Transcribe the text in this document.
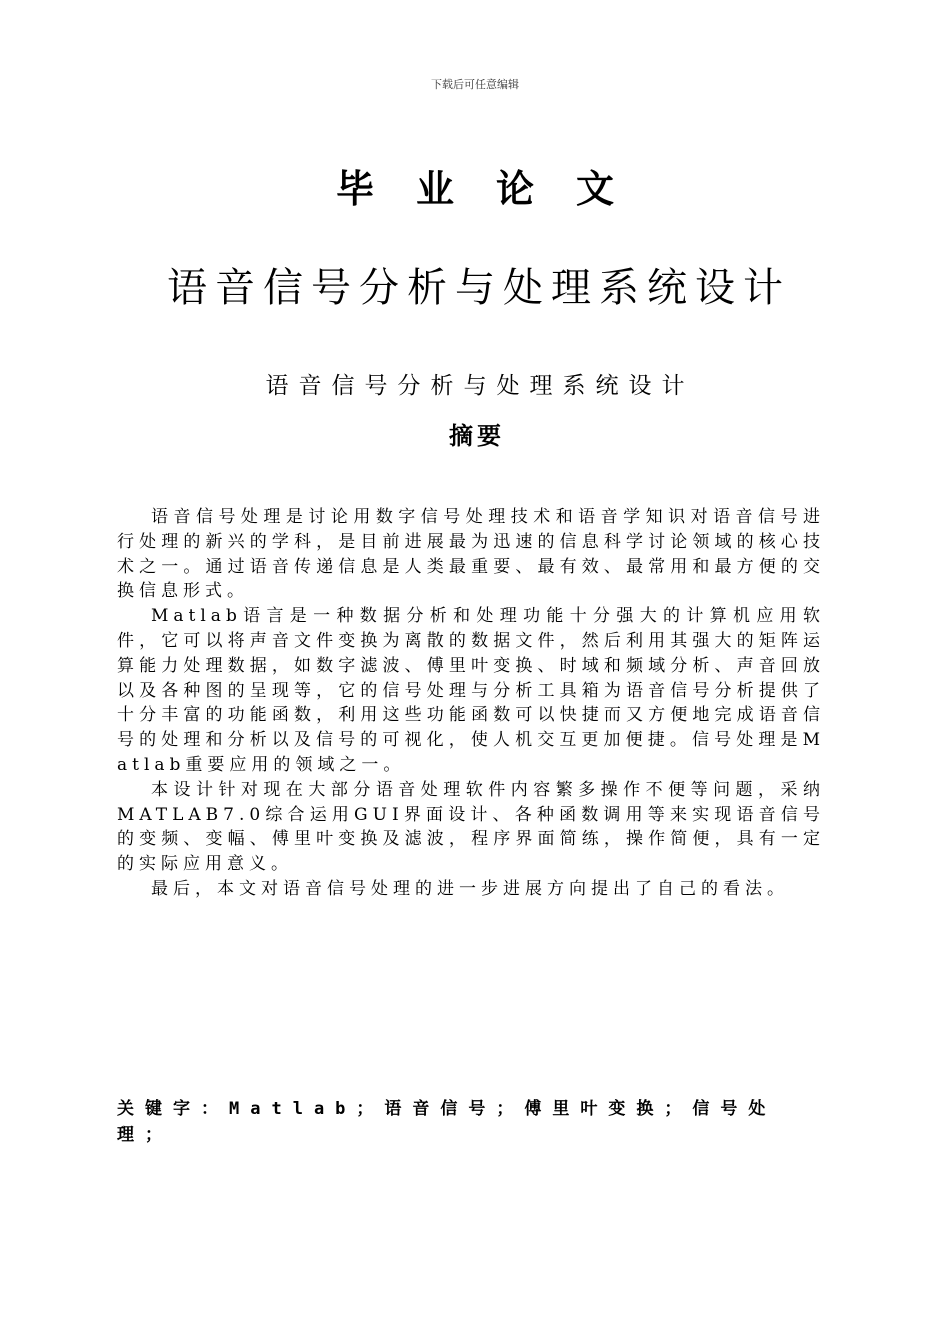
下载后可任意编辑
毕业论文
语音信号分析与处理系统设计
语音信号分析与处理系统设计
摘要

语音信号处理是讨论用数字信号处理技术和语音学知识对语音信号进行处理的新兴的学科，是目前进展最为迅速的信息科学讨论领域的核心技术之一。通过语音传递信息是人类最重要、最有效、最常用和最方便的交换信息形式。

Matlab语言是一种数据分析和处理功能十分强大的计算机应用软件，它可以将声音文件变换为离散的数据文件，然后利用其强大的矩阵运算能力处理数据，如数字滤波、傅里叶变换、时域和频域分析、声音回放以及各种图的呈现等，它的信号处理与分析工具箱为语音信号分析提供了十分丰富的功能函数，利用这些功能函数可以快捷而又方便地完成语音信号的处理和分析以及信号的可视化，使人机交互更加便捷。信号处理是Matlab重要应用的领域之一。

本设计针对现在大部分语音处理软件内容繁多操作不便等问题，采纳MATLAB7.0综合运用GUI界面设计、各种函数调用等来实现语音信号的变频、变幅、傅里叶变换及滤波，程序界面简练，操作简便，具有一定的实际应用意义。

最后，本文对语音信号处理的进一步进展方向提出了自己的看法。

关键字：Matlab；语音信号；傅里叶变换；信号处理；
